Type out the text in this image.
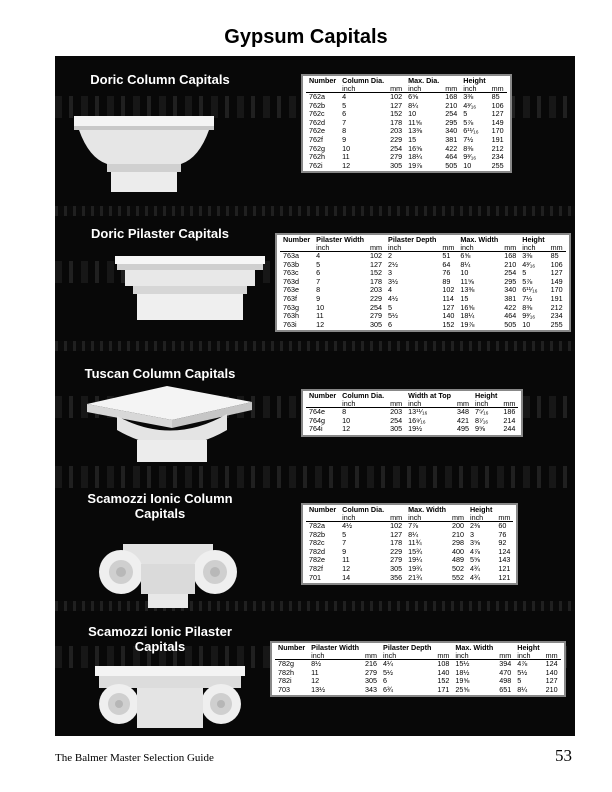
Gypsum Capitals
Doric Column Capitals	Number	Column Dia.		Max. Dia.		Height	
	inch	mm	inch	mm	inch	mm
762a	4	102	6⅝	168	3⅜	85
762b	5	127	8¼	210	4³⁄₁₆	106
762c	6	152	10	254	5	127
762d	7	178	11⅝	295	5⅞	149
762e	8	203	13⅜	340	6¹¹⁄₁₆	170
762f	9	229	15	381	7½	191
762g	10	254	16⅝	422	8⅜	212
762h	11	279	18¼	464	9³⁄₁₆	234
762i	12	305	19⅞	505	10	255
Doric Pilaster Capitals	Number	Pilaster Width		Pilaster Depth		Max. Width		Height	
	inch	mm	inch	mm	inch	mm	inch	mm
763a	4	102	2	51	6⅝	168	3⅜	85
763b	5	127	2½	64	8¼	210	4³⁄₁₆	106
763c	6	152	3	76	10	254	5	127
763d	7	178	3½	89	11⅝	295	5⅞	149
763e	8	203	4	102	13⅜	340	6¹¹⁄₁₆	170
763f	9	229	4½	114	15	381	7½	191
763g	10	254	5	127	16⅝	422	8⅜	212
763h	11	279	5½	140	18¼	464	9³⁄₁₆	234
763i	12	305	6	152	19⅞	505	10	255
Tuscan Column Capitals
Number	Column Dia.		Width at Top		Height	
	inch	mm	inch	mm	inch	mm
764e	8	203	13¹¹⁄₁₆	348	7⁵⁄₁₆	186
764g	10	254	16⁹⁄₁₆	421	8⁷⁄₁₆	214
764i	12	305	19½	495	9⅝	244
Scamozzi Ionic Column Capitals	Number	Column Dia.		Max. Width		Height	
	inch	mm	inch	mm	inch	mm
782a	4½	102	7⅞	200	2⅜	60
782b	5	127	8¼	210	3	76
782c	7	178	11¾	298	3⅝	92
782d	9	229	15¾	400	4⅞	124
782e	11	279	19¼	489	5⅝	143
782f	12	305	19¾	502	4¾	121
701	14	356	21¾	552	4¾	121
Scamozzi Ionic Pilaster Capitals	Number	Pilaster Width		Pilaster Depth		Max. Width		Height	
	inch	mm	inch	mm	inch	mm	inch	mm
782g	8½	216	4¼	108	15½	394	4⅞	124
782h	11	279	5½	140	18½	470	5½	140
782i	12	305	6	152	19⅝	498	5	127
703	13½	343	6¾	171	25⅝	651	8¼	210
The Balmer Master Selection Guide	53
